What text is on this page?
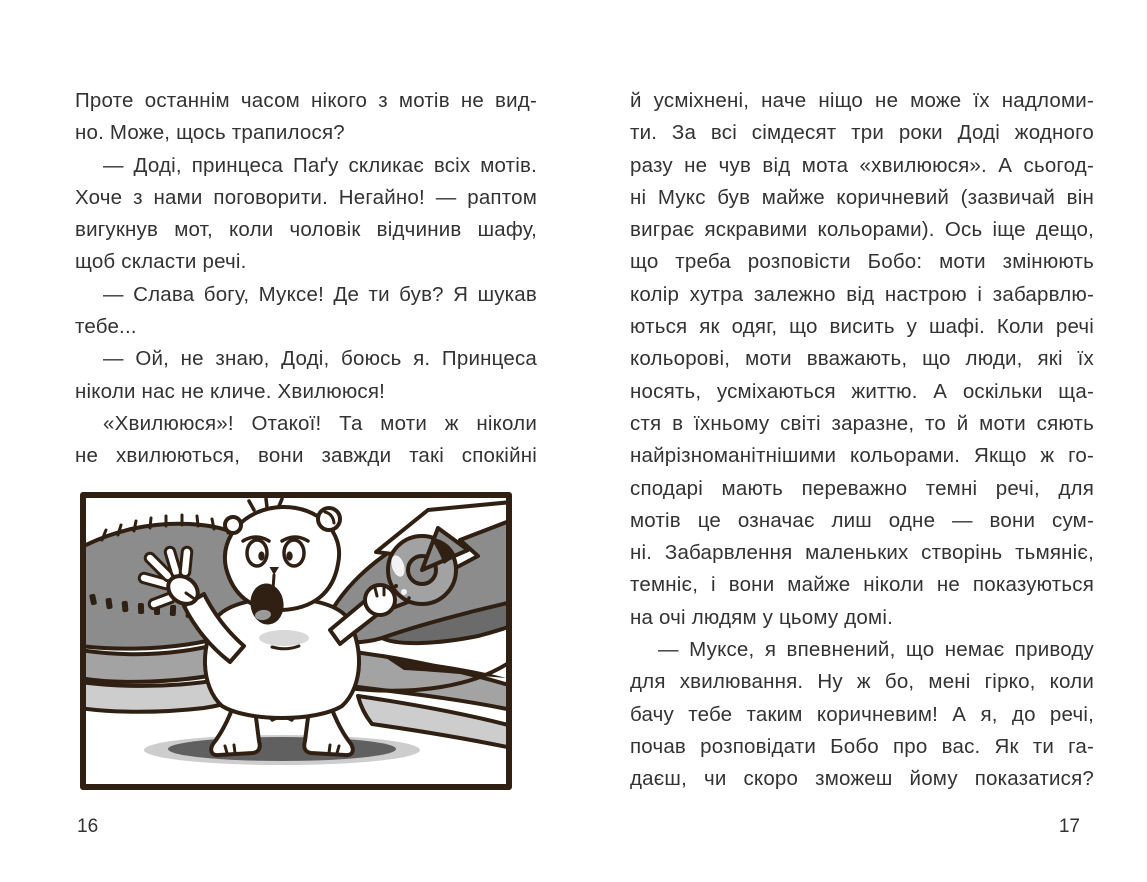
Проте останнім часом нікого з мотів не вид-
но. Може, щось трапилося?
— Доді, принцеса Паґу скликає всіх мотів.
Хоче з нами поговорити. Негайно! — раптом
вигукнув мот, коли чоловік відчинив шафу,
щоб скласти речі.
— Слава богу, Муксе! Де ти був? Я шукав
тебе...
— Ой, не знаю, Доді, боюсь я. Принцеса
ніколи нас не кличе. Хвилююся!
«Хвилююся»! Отакої! Та моти ж ніколи
не хвилюються, вони завжди такі спокійні
16
й усміхнені, наче ніщо не може їх надломи-
ти. За всі сімдесят три роки Доді жодного
разу не чув від мота «хвилююся». А сьогод-
ні Мукс був майже коричневий (зазвичай він
виграє яскравими кольорами). Ось іще дещо,
що треба розповісти Бобо: моти змінюють
колір хутра залежно від настрою і забарвлю-
ються як одяг, що висить у шафі. Коли речі
кольорові, моти вважають, що люди, які їх
носять, усміхаються життю. А оскільки ща-
стя в їхньому світі заразне, то й моти сяють
найрізноманітнішими кольорами. Якщо ж го-
сподарі мають переважно темні речі, для
мотів це означає лиш одне — вони сум-
ні. Забарвлення маленьких створінь тьмяніє,
темніє, і вони майже ніколи не показуються
на очі людям у цьому домі.
— Муксе, я впевнений, що немає приводу
для хвилювання. Ну ж бо, мені гірко, коли
бачу тебе таким коричневим! А я, до речі,
почав розповідати Бобо про вас. Як ти га-
даєш, чи скоро зможеш йому показатися?
17
